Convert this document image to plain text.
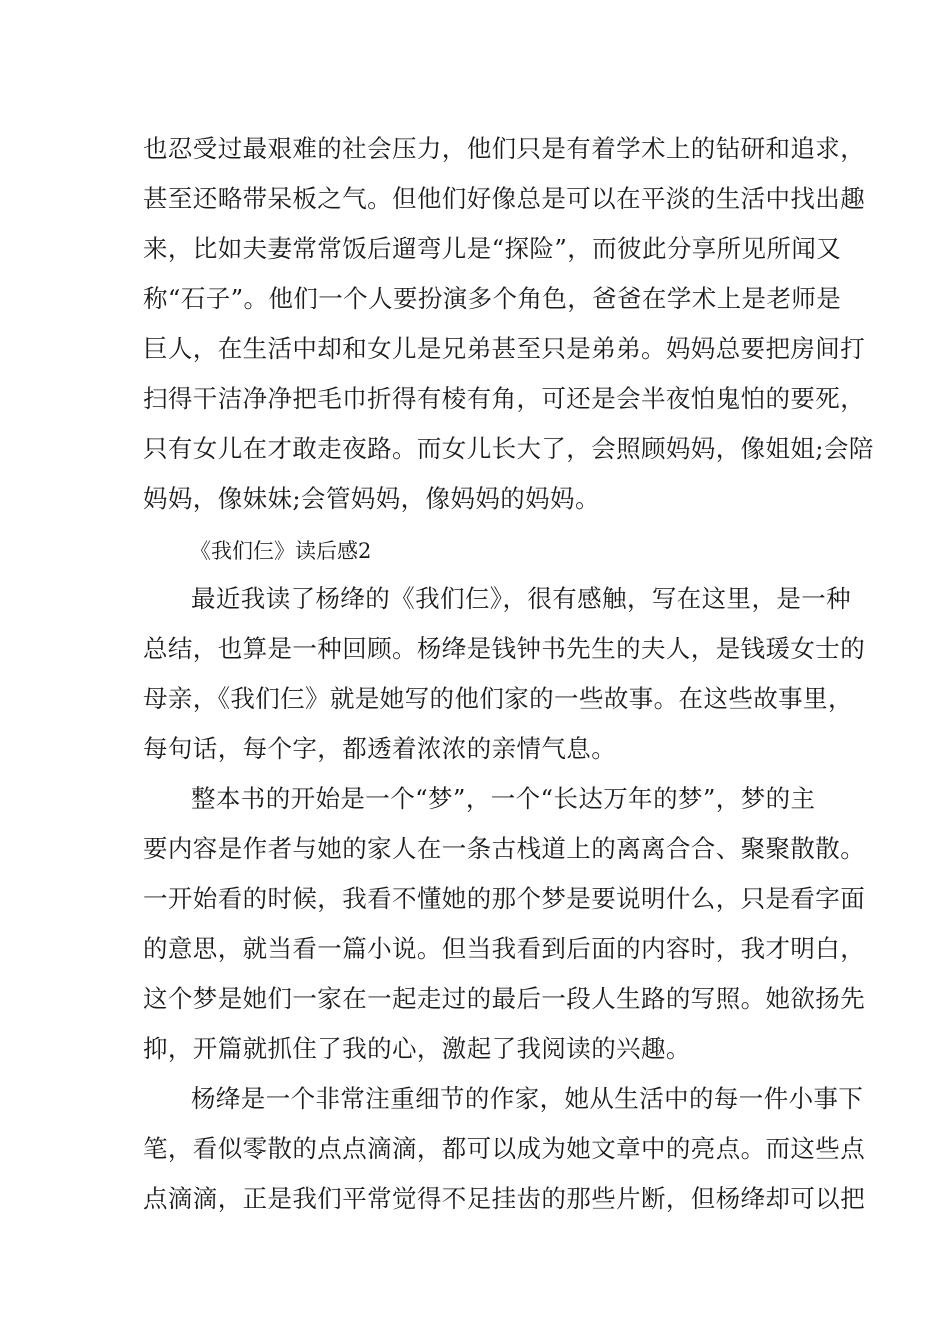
也忍受过最艰难的社会压力，他们只是有着学术上的钻研和追求，
甚至还略带呆板之气。但他们好像总是可以在平淡的生活中找出趣
来，比如夫妻常常饭后遛弯儿是“探险”，而彼此分享所见所闻又
称“石子”。他们一个人要扮演多个角色，爸爸在学术上是老师是
巨人，在生活中却和女儿是兄弟甚至只是弟弟。妈妈总要把房间打
扫得干洁净净把毛巾折得有棱有角，可还是会半夜怕鬼怕的要死，
只有女儿在才敢走夜路。而女儿长大了，会照顾妈妈，像姐姐;会陪
妈妈，像妹妹;会管妈妈，像妈妈的妈妈。
《我们仨》读后感2
最近我读了杨绛的《我们仨》，很有感触，写在这里，是一种
总结，也算是一种回顾。杨绛是钱钟书先生的夫人，是钱瑗女士的
母亲，《我们仨》就是她写的他们家的一些故事。在这些故事里，
每句话，每个字，都透着浓浓的亲情气息。
整本书的开始是一个“梦”，一个“长达万年的梦”，梦的主
要内容是作者与她的家人在一条古栈道上的离离合合、聚聚散散。
一开始看的时候，我看不懂她的那个梦是要说明什么，只是看字面
的意思，就当看一篇小说。但当我看到后面的内容时，我才明白，
这个梦是她们一家在一起走过的最后一段人生路的写照。她欲扬先
抑，开篇就抓住了我的心，激起了我阅读的兴趣。
杨绛是一个非常注重细节的作家，她从生活中的每一件小事下
笔，看似零散的点点滴滴，都可以成为她文章中的亮点。而这些点
点滴滴，正是我们平常觉得不足挂齿的那些片断，但杨绛却可以把
